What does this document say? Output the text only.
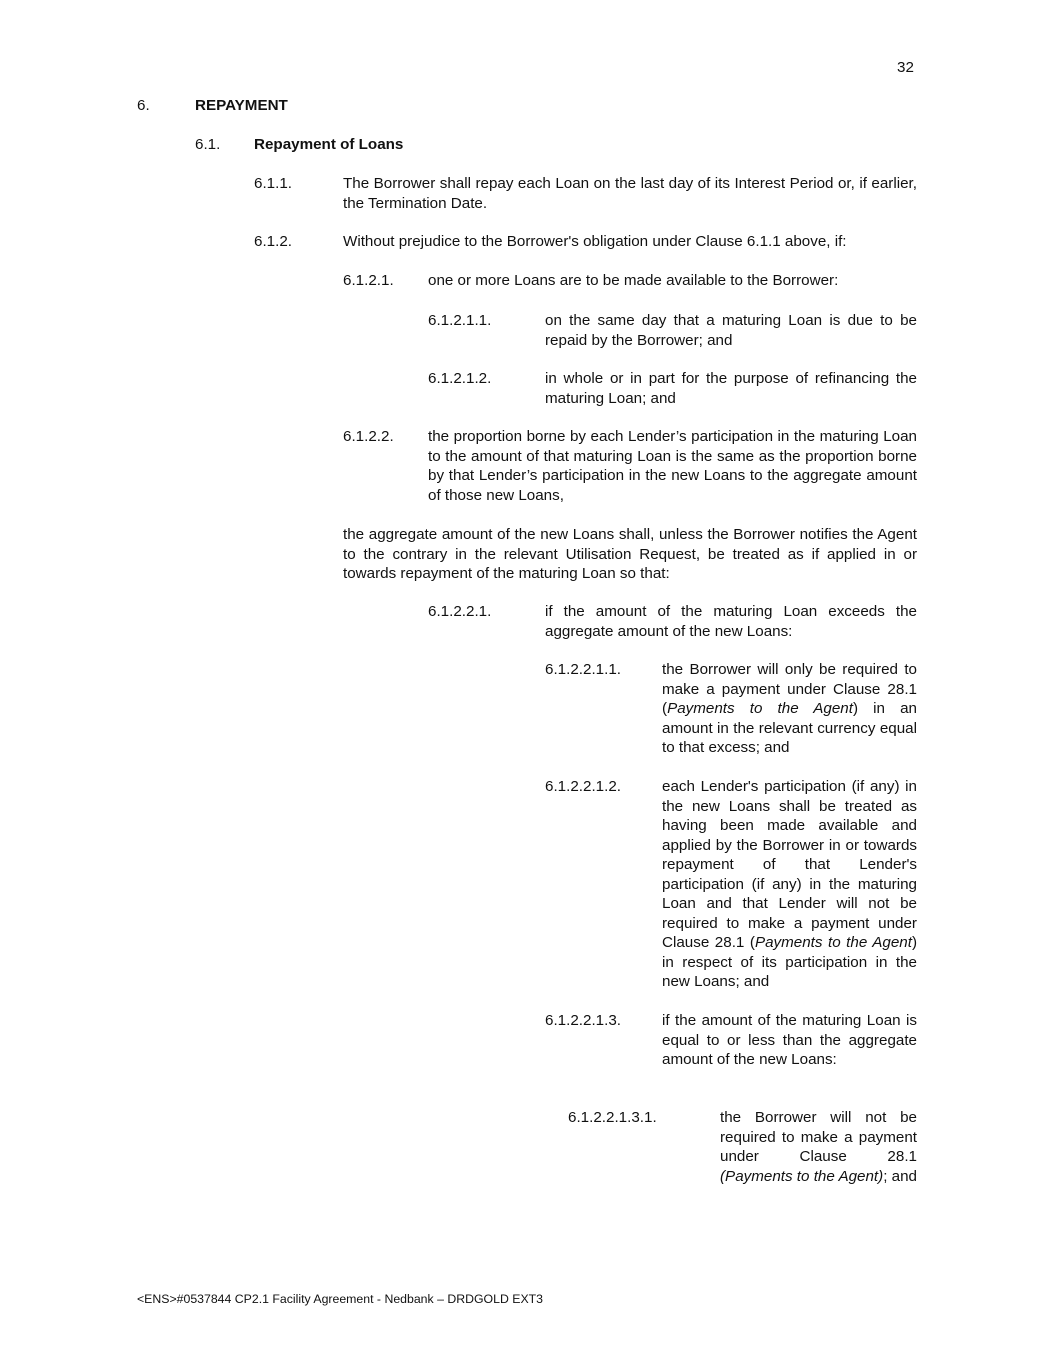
32
6.	REPAYMENT
6.1. Repayment of Loans
6.1.1.	The Borrower shall repay each Loan on the last day of its Interest Period or, if earlier, the Termination Date.
6.1.2.	Without prejudice to the Borrower's obligation under Clause 6.1.1 above, if:
6.1.2.1. one or more Loans are to be made available to the Borrower:
6.1.2.1.1.	on the same day that a maturing Loan is due to be repaid by the Borrower; and
6.1.2.1.2.	in whole or in part for the purpose of refinancing the maturing Loan; and
6.1.2.2. the proportion borne by each Lender’s participation in the maturing Loan to the amount of that maturing Loan is the same as the proportion borne by that Lender’s participation in the new Loans to the aggregate amount of those new Loans,
the aggregate amount of the new Loans shall, unless the Borrower notifies the Agent to the contrary in the relevant Utilisation Request, be treated as if applied in or towards repayment of the maturing Loan so that:
6.1.2.2.1.	if the amount of the maturing Loan exceeds the aggregate amount of the new Loans:
6.1.2.2.1.1.	the Borrower will only be required to make a payment under Clause 28.1 (Payments to the Agent) in an amount in the relevant currency equal to that excess; and
6.1.2.2.1.2.	each Lender's participation (if any) in the new Loans shall be treated as having been made available and applied by the Borrower in or towards repayment of that Lender's participation (if any) in the maturing Loan and that Lender will not be required to make a payment under Clause 28.1 (Payments to the Agent) in respect of its participation in the new Loans; and
6.1.2.2.1.3.	if the amount of the maturing Loan is equal to or less than the aggregate amount of the new Loans:
6.1.2.2.1.3.1.	the Borrower will not be required to make a payment under Clause 28.1 (Payments to the Agent); and
<ENS>#0537844 CP2.1 Facility Agreement - Nedbank – DRDGOLD EXT3
